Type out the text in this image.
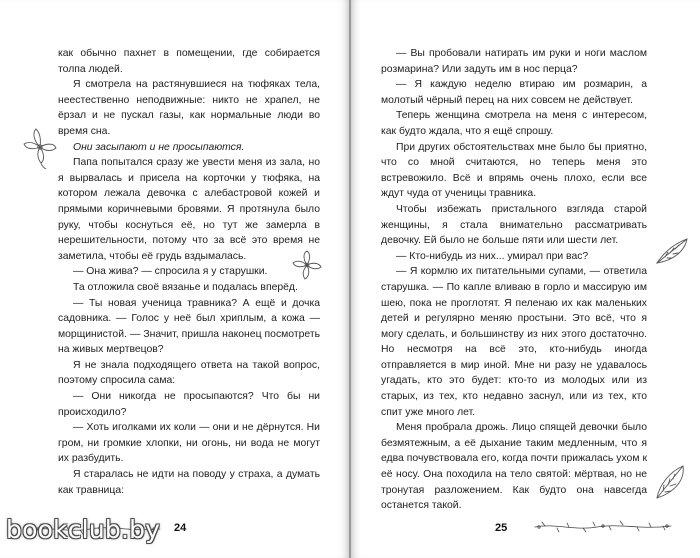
как обычно пахнет в помещении, где собирается толпа людей.

Я смотрела на растянувшиеся на тюфяках тела, неестественно неподвижные: никто не храпел, не ёрзал и не пускал газы, как нормальные люди во время сна.

Они засыпают и не просыпаются.

Папа попытался сразу же увести меня из зала, но я вырвалась и присела на корточки у тюфяка, на котором лежала девочка с алебастровой кожей и прямыми коричневыми бровями. Я протянула было руку, чтобы коснуться её, но тут же замерла в нерешительности, потому что за всё это время не заметила, чтобы её грудь вздымалась.

— Она жива? — спросила я у старушки.

Та отложила своё вязанье и подалась вперёд.

— Ты новая ученица травника? А ещё и дочка садовника. — Голос у неё был хриплым, а кожа — морщинистой. — Значит, пришла наконец посмотреть на живых мертвецов?

Я не знала подходящего ответа на такой вопрос, поэтому спросила сама:

— Они никогда не просыпаются? Что бы ни происходило?

— Хоть иголками их коли — они и не дёрнутся. Ни гром, ни громкие хлопки, ни огонь, ни вода не могут их разбудить.

Я старалась не идти на поводу у страха, а думать как травница:

24

— Вы пробовали натирать им руки и ноги маслом розмарина? Или задуть им в нос перца?

— Я каждую неделю втираю им розмарин, а молотый чёрный перец на них совсем не действует.

Теперь женщина смотрела на меня с интересом, как будто ждала, что я ещё спрошу.

При других обстоятельствах мне было бы приятно, что со мной считаются, но теперь меня это встревожило. Всё и впрямь очень плохо, если все ждут чуда от ученицы травника.

Чтобы избежать пристального взгляда старой женщины, я стала внимательно рассматривать девочку. Ей было не больше пяти или шести лет.

— Кто-нибудь из них... умирал при вас?

— Я кормлю их питательными супами, — ответила старушка. — По капле вливаю в горло и массирую им шею, пока не проглотят. Я пеленаю их как маленьких детей и регулярно меняю простыни. Это всё, что я могу сделать, и большинству из них этого достаточно. Но несмотря на всё это, кто-нибудь иногда отправляется в мир иной. Мне ни разу не удавалось угадать, кто это будет: кто-то из молодых или из старых, из тех, кто недавно заснул, или из тех, кто спит уже много лет.

Меня пробрала дрожь. Лицо спящей девочки было безмятежным, а её дыхание таким медленным, что я едва почувствовала его, когда почти прижалась ухом к её носу. Она походила на тело святой: мёртвая, но не тронутая разложением. Как будто она навсегда останется такой.

25
bookclub.by
